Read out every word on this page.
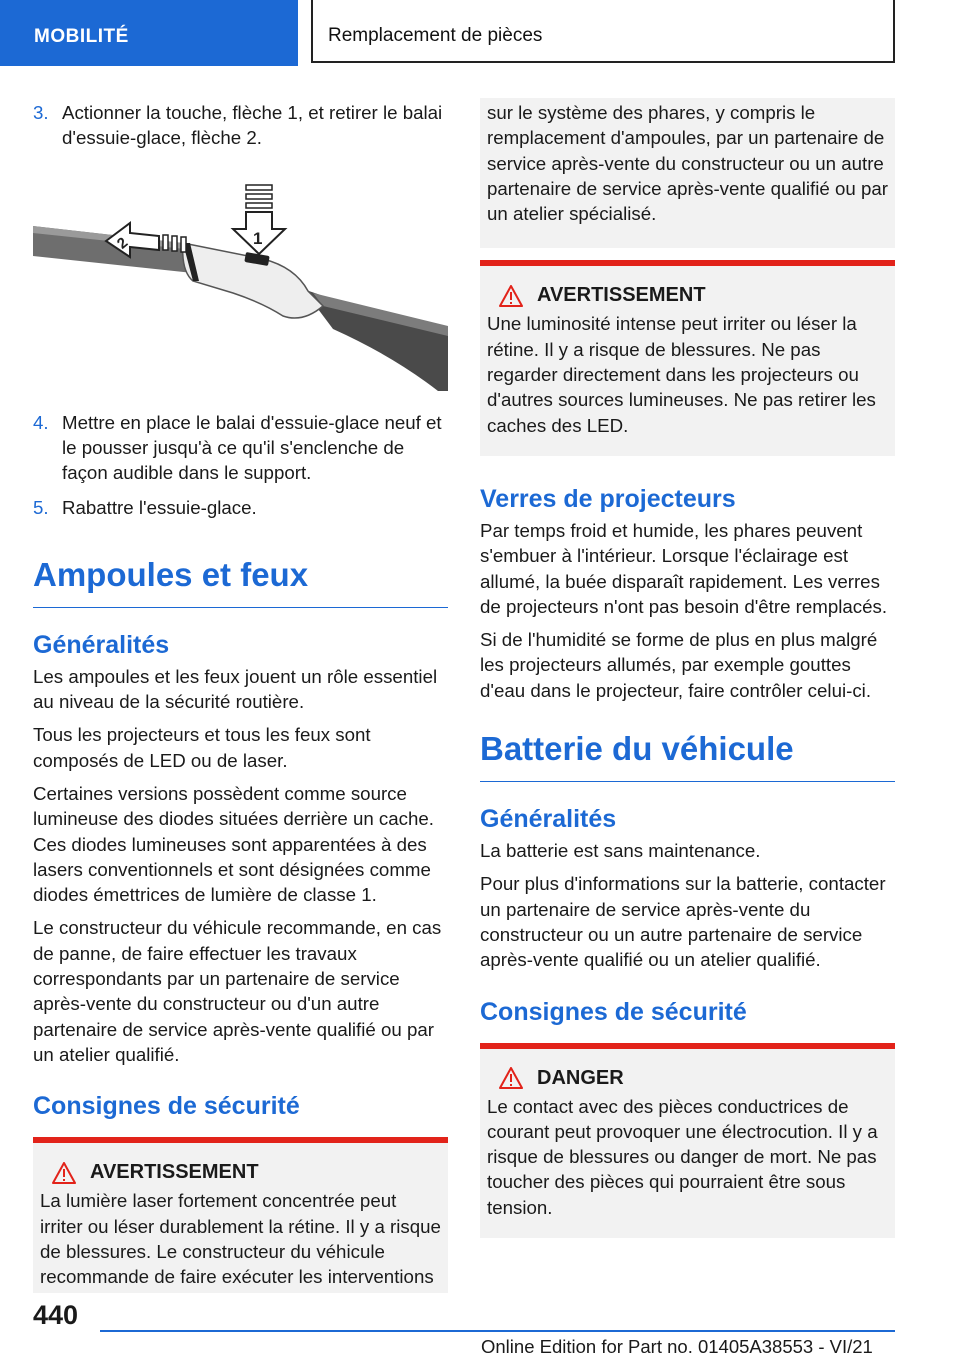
MOBILITÉ	Remplacement de pièces
3. Actionner la touche, flèche 1, et retirer le balai d'essuie-glace, flèche 2.
1
2
4. Mettre en place le balai d'essuie-glace neuf et le pousser jusqu'à ce qu'il s'enclenche de façon audible dans le support.
5. Rabattre l'essuie-glace.
Ampoules et feux
Généralités

Les ampoules et les feux jouent un rôle essentiel au niveau de la sécurité routière.

Tous les projecteurs et tous les feux sont composés de LED ou de laser.

Certaines versions possèdent comme source lumineuse des diodes situées derrière un cache. Ces diodes lumineuses sont apparentées à des lasers conventionnels et sont désignées comme diodes émettrices de lumière de classe 1.

Le constructeur du véhicule recommande, en cas de panne, de faire effectuer les travaux correspondants par un partenaire de service après-vente du constructeur ou d'un autre partenaire de service après-vente qualifié ou par un atelier qualifié.

Consignes de sécurité
AVERTISSEMENT

La lumière laser fortement concentrée peut irriter ou léser durablement la rétine. Il y a risque de blessures. Le constructeur du véhicule recommande de faire exécuter les interventions

sur le système des phares, y compris le remplacement d'ampoules, par un partenaire de service après-vente du constructeur ou un autre partenaire de service après-vente qualifié ou par un atelier spécialisé.

AVERTISSEMENT

Une luminosité intense peut irriter ou léser la rétine. Il y a risque de blessures. Ne pas regarder directement dans les projecteurs ou d'autres sources lumineuses. Ne pas retirer les caches des LED.

Verres de projecteurs

Par temps froid et humide, les phares peuvent s'embuer à l'intérieur. Lorsque l'éclairage est allumé, la buée disparaît rapidement. Les verres de projecteurs n'ont pas besoin d'être remplacés.

Si de l'humidité se forme de plus en plus malgré les projecteurs allumés, par exemple gouttes d'eau dans le projecteur, faire contrôler celui-ci.

Batterie du véhicule
Généralités

La batterie est sans maintenance.

Pour plus d'informations sur la batterie, contacter un partenaire de service après-vente du constructeur ou un autre partenaire de service après-vente qualifié ou un atelier qualifié.

Consignes de sécurité
DANGER

Le contact avec des pièces conductrices de courant peut provoquer une électrocution. Il y a risque de blessures ou danger de mort. Ne pas toucher des pièces qui pourraient être sous tension.

440
Online Edition for Part no. 01405A38553 - VI/21
